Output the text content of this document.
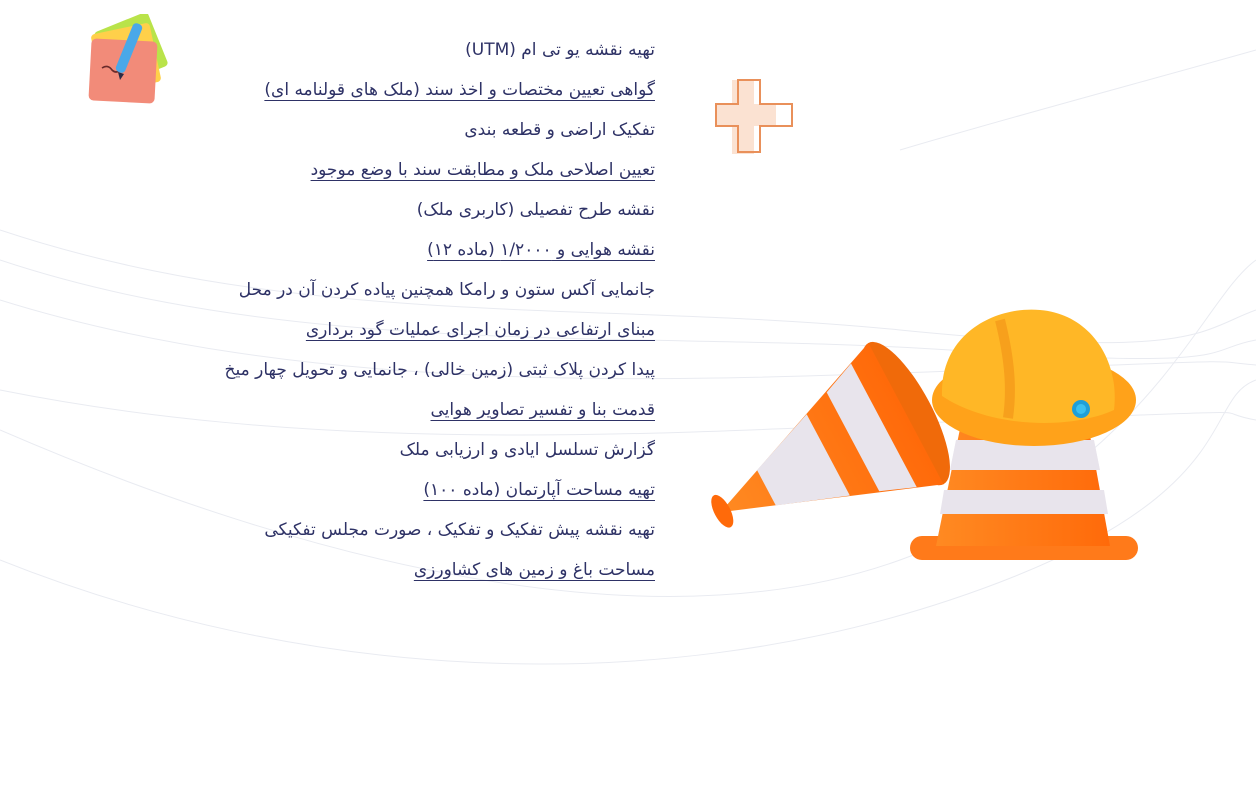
تهیه نقشه یو تی ام (UTM)
گواهی تعیین مختصات و اخذ سند (ملک های قولنامه ای)
تفکیک اراضی و قطعه بندی
تعیین اصلاحی ملک و مطابقت سند با وضع موجود
نقشه طرح تفصیلی (کاربری ملک)
نقشه هوایی و ۱/۲۰۰۰ (ماده ۱۲)
جانمایی آکس ستون و رامکا همچنین پیاده کردن آن در محل
مبنای ارتفاعی در زمان اجرای عملیات گود برداری
پیدا کردن پلاک ثبتی (زمین خالی) ، جانمایی و تحویل چهار میخ
قدمت بنا و تفسیر تصاویر هوایی
گزارش تسلسل ایادی و ارزیابی ملک
تهیه مساحت آپارتمان (ماده ۱۰۰)
تهیه نقشه پیش تفکیک و تفکیک ، صورت مجلس تفکیکی
مساحت باغ و زمین های کشاورزی
